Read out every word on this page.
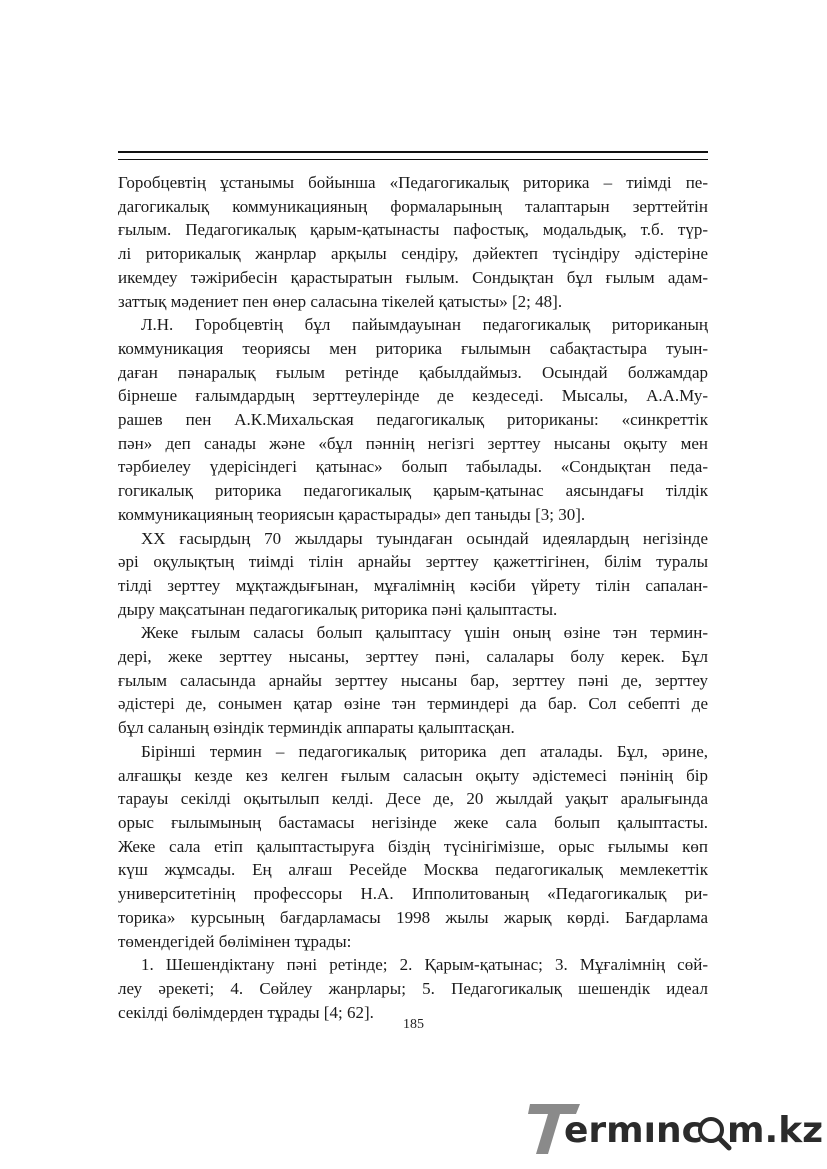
Горобцевтің ұстанымы бойынша «Педагогикалық риторика – тиімді пе-
дагогикалық коммуникацияның формаларының талаптарын зерттейтін
ғылым. Педагогикалық қарым-қатынасты пафостық, модальдық, т.б. түр-
лі риторикалық жанрлар арқылы сендіру, дәйектеп түсіндіру әдістеріне
икемдеу тәжірибесін қарастыратын ғылым. Сондықтан бұл ғылым адам-
заттық мәдениет пен өнер саласына тікелей қатысты» [2; 48].
Л.Н. Горобцевтің бұл пайымдауынан педагогикалық риториканың
коммуникация теориясы мен риторика ғылымын сабақтастыра туын-
даған пәнаралық ғылым ретінде қабылдаймыз. Осындай болжамдар
бірнеше ғалымдардың зерттеулерінде де кездеседі. Мысалы, А.А.Му-
рашев пен А.К.Михальская педагогикалық риториканы: «синкреттік
пән» деп санады және «бұл пәннің негізгі зерттеу нысаны оқыту мен
тәрбиелеу үдерісіндегі қатынас» болып табылады. «Сондықтан педа-
гогикалық риторика педагогикалық қарым-қатынас аясындағы тілдік
коммуникацияның теориясын қарастырады» деп таныды [3; 30].
XX ғасырдың 70 жылдары туындаған осындай идеялардың негізінде
әрі оқулықтың тиімді тілін арнайы зерттеу қажеттігінен, білім туралы
тілді зерттеу мұқтаждығынан, мұғалімнің кәсіби үйрету тілін сапалан-
дыру мақсатынан педагогикалық риторика пәні қалыптасты.
Жеке ғылым саласы болып қалыптасу үшін оның өзіне тән термин-
дері, жеке зерттеу нысаны, зерттеу пәні, салалары болу керек. Бұл
ғылым саласында арнайы зерттеу нысаны бар, зерттеу пәні де, зерттеу
әдістері де, сонымен қатар өзіне тән терминдері да бар. Сол себепті де
бұл саланың өзіндік терминдік аппараты қалыптасқан.
Бірінші термин – педагогикалық риторика деп аталады. Бұл, әрине,
алғашқы кезде кез келген ғылым саласын оқыту әдістемесі пәнінің бір
тарауы секілді оқытылып келді. Десе де, 20 жылдай уақыт аралығында
орыс ғылымының бастамасы негізінде жеке сала болып қалыптасты.
Жеке сала етіп қалыптастыруға біздің түсінігімізше, орыс ғылымы көп
күш жұмсады. Ең алғаш Ресейде Москва педагогикалық мемлекеттік
университетінің профессоры Н.А. Ипполитованың «Педагогикалық ри-
торика» курсының бағдарламасы 1998 жылы жарық көрді. Бағдарлама
төмендегідей бөлімінен тұрады:
1. Шешендіктану пәні ретінде; 2. Қарым-қатынас; 3. Мұғалімнің сөй-
леу әрекеті; 4. Сөйлеу жанрлары; 5. Педагогикалық шешендік идеал
секілді бөлімдерден тұрады [4; 62].
185
ermınc m.kz
